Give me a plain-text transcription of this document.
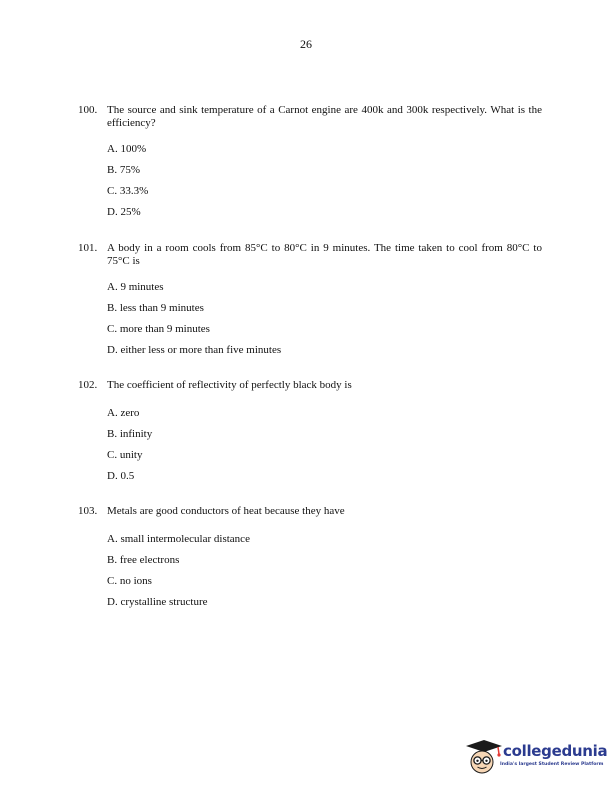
26
100. The source and sink temperature of a Carnot engine are 400k and 300k respectively. What is the efficiency?
A. 100%
B. 75%
C. 33.3%
D. 25%
101. A body in a room cools from 85°C to 80°C in 9 minutes. The time taken to cool from 80°C to 75°C is
A. 9 minutes
B. less than 9 minutes
C. more than 9 minutes
D. either less or more than five minutes
102. The coefficient of reflectivity of perfectly black body is
A. zero
B. infinity
C. unity
D. 0.5
103. Metals are good conductors of heat because they have
A. small intermolecular distance
B. free electrons
C. no ions
D. crystalline structure
collegedunia
India's largest Student Review Platform
